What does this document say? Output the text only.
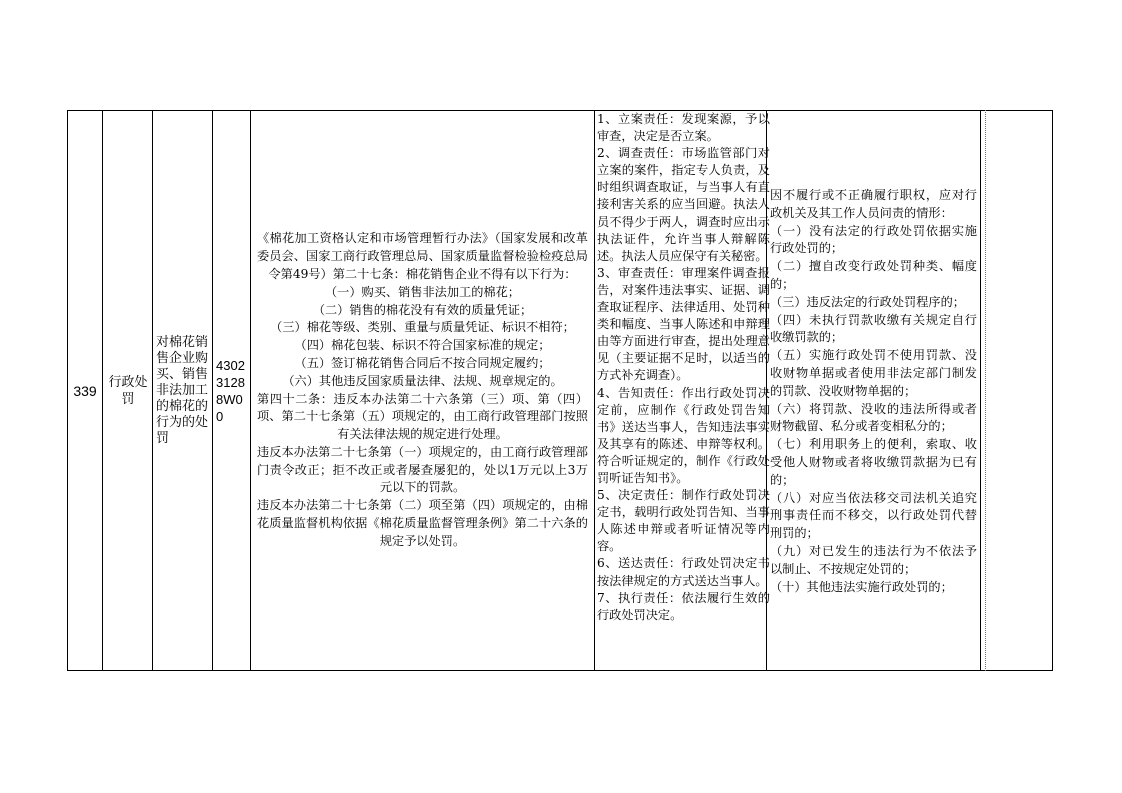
339
行政处罚
对棉花销售企业购买、销售非法加工的棉花的行为的处罚
43023128 8W00

《棉花加工资格认定和市场管理暂行办法》（国家发展和改革委员会、国家工商行政管理总局、国家质量监督检验检疫总局令第49号）第二十七条：棉花销售企业不得有以下行为：

（一）购买、销售非法加工的棉花；

（二）销售的棉花没有有效的质量凭证；

（三）棉花等级、类别、重量与质量凭证、标识不相符；

（四）棉花包装、标识不符合国家标准的规定；

（五）签订棉花销售合同后不按合同规定履约；

（六）其他违反国家质量法律、法规、规章规定的。

第四十二条：违反本办法第二十六条第（三）项、第（四）项、第二十七条第（五）项规定的，由工商行政管理部门按照有关法律法规的规定进行处理。

违反本办法第二十七条第（一）项规定的，由工商行政管理部门责令改正；拒不改正或者屡查屡犯的，处以1万元以上3万元以下的罚款。

违反本办法第二十七条第（二）项至第（四）项规定的，由棉花质量监督机构依据《棉花质量监督管理条例》第二十六条的规定予以处罚。

1、立案责任：发现案源，予以审查，决定是否立案。

2、调查责任：市场监管部门对立案的案件，指定专人负责，及时组织调查取证，与当事人有直接利害关系的应当回避。执法人员不得少于两人，调查时应出示执法证件，允许当事人辩解陈述。执法人员应保守有关秘密。

3、审查责任：审理案件调查报告，对案件违法事实、证据、调查取证程序、法律适用、处罚种类和幅度、当事人陈述和申辩理由等方面进行审查，提出处理意见（主要证据不足时，以适当的方式补充调查）。

4、告知责任：作出行政处罚决定前，应制作《行政处罚告知书》送达当事人，告知违法事实及其享有的陈述、申辩等权利。符合听证规定的，制作《行政处罚听证告知书》。

5、决定责任：制作行政处罚决定书，载明行政处罚告知、当事人陈述申辩或者听证情况等内容。

6、送达责任：行政处罚决定书按法律规定的方式送达当事人。

7、执行责任：依法履行生效的行政处罚决定。

因不履行或不正确履行职权，应对行政机关及其工作人员问责的情形：

（一）没有法定的行政处罚依据实施行政处罚的；

（二）擅自改变行政处罚种类、幅度的；

（三）违反法定的行政处罚程序的；

（四）未执行罚款收缴有关规定自行收缴罚款的；

（五）实施行政处罚不使用罚款、没收财物单据或者使用非法定部门制发的罚款、没收财物单据的；

（六）将罚款、没收的违法所得或者财物截留、私分或者变相私分的；

（七）利用职务上的便利，索取、收受他人财物或者将收缴罚款据为已有的；

（八）对应当依法移交司法机关追究刑事责任而不移交，以行政处罚代替刑罚的；

（九）对已发生的违法行为不依法予以制止、不按规定处罚的；

（十）其他违法实施行政处罚的；
